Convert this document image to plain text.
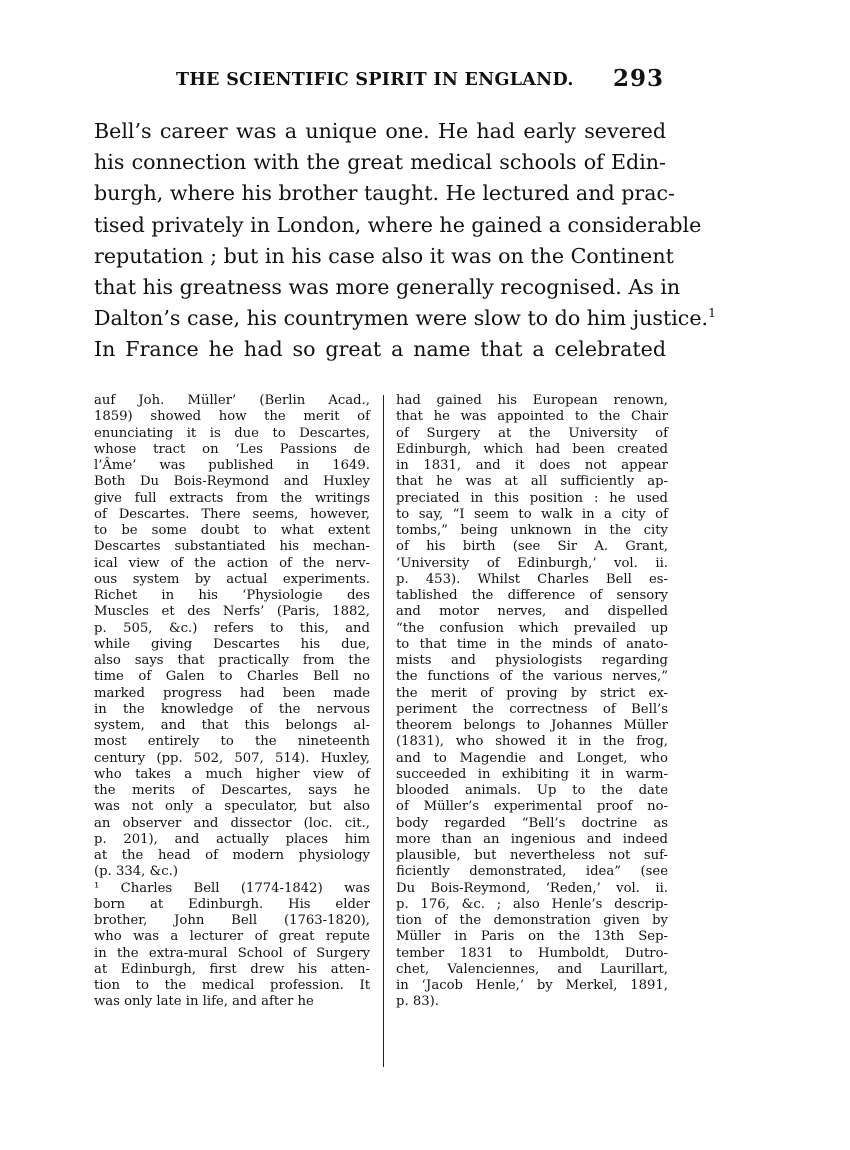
THE SCIENTIFIC SPIRIT IN ENGLAND. 293
Bell’s career was a unique one. He had early severed
his connection with the great medical schools of Edin-
burgh, where his brother taught. He lectured and prac-
tised privately in London, where he gained a considerable
reputation ; but in his case also it was on the Continent
that his greatness was more generally recognised. As in
Dalton’s case, his countrymen were slow to do him justice.$^1$
In France he had so great a name that a celebrated
auf Joh. Müller’ (Berlin Acad.,
1859) showed how the merit of
enunciating it is due to Descartes,
whose tract on ‘Les Passions de
l’Âme’ was published in 1649.
Both Du Bois-Reymond and Huxley
give full extracts from the writings
of Descartes. There seems, however,
to be some doubt to what extent
Descartes substantiated his mechan-
ical view of the action of the nerv-
ous system by actual experiments.
Richet in his ‘Physiologie des
Muscles et des Nerfs’ (Paris, 1882,
p. 505, &c.) refers to this, and
while giving Descartes his due,
also says that practically from the
time of Galen to Charles Bell no
marked progress had been made
in the knowledge of the nervous
system, and that this belongs al-
most entirely to the nineteenth
century (pp. 502, 507, 514). Huxley,
who takes a much higher view of
the merits of Descartes, says he
was not only a speculator, but also
an observer and dissector (loc. cit.,
p. 201), and actually places him
at the head of modern physiology
(p. 334, &c.)
¹ Charles Bell (1774-1842) was
born at Edinburgh. His elder
brother, John Bell (1763-1820),
who was a lecturer of great repute
in the extra-mural School of Surgery
at Edinburgh, first drew his atten-
tion to the medical profession. It
was only late in life, and after he
had gained his European renown,
that he was appointed to the Chair
of Surgery at the University of
Edinburgh, which had been created
in 1831, and it does not appear
that he was at all sufficiently ap-
preciated in this position : he used
to say, “I seem to walk in a city of
tombs,” being unknown in the city
of his birth (see Sir A. Grant,
‘University of Edinburgh,’ vol. ii.
p. 453). Whilst Charles Bell es-
tablished the difference of sensory
and motor nerves, and dispelled
“the confusion which prevailed up
to that time in the minds of anato-
mists and physiologists regarding
the functions of the various nerves,”
the merit of proving by strict ex-
periment the correctness of Bell’s
theorem belongs to Johannes Müller
(1831), who showed it in the frog,
and to Magendie and Longet, who
succeeded in exhibiting it in warm-
blooded animals. Up to the date
of Müller’s experimental proof no-
body regarded “Bell’s doctrine as
more than an ingenious and indeed
plausible, but nevertheless not suf-
ficiently demonstrated, idea” (see
Du Bois-Reymond, ‘Reden,’ vol. ii.
p. 176, &c. ; also Henle’s descrip-
tion of the demonstration given by
Müller in Paris on the 13th Sep-
tember 1831 to Humboldt, Dutro-
chet, Valenciennes, and Laurillart,
in ‘Jacob Henle,’ by Merkel, 1891,
p. 83).
